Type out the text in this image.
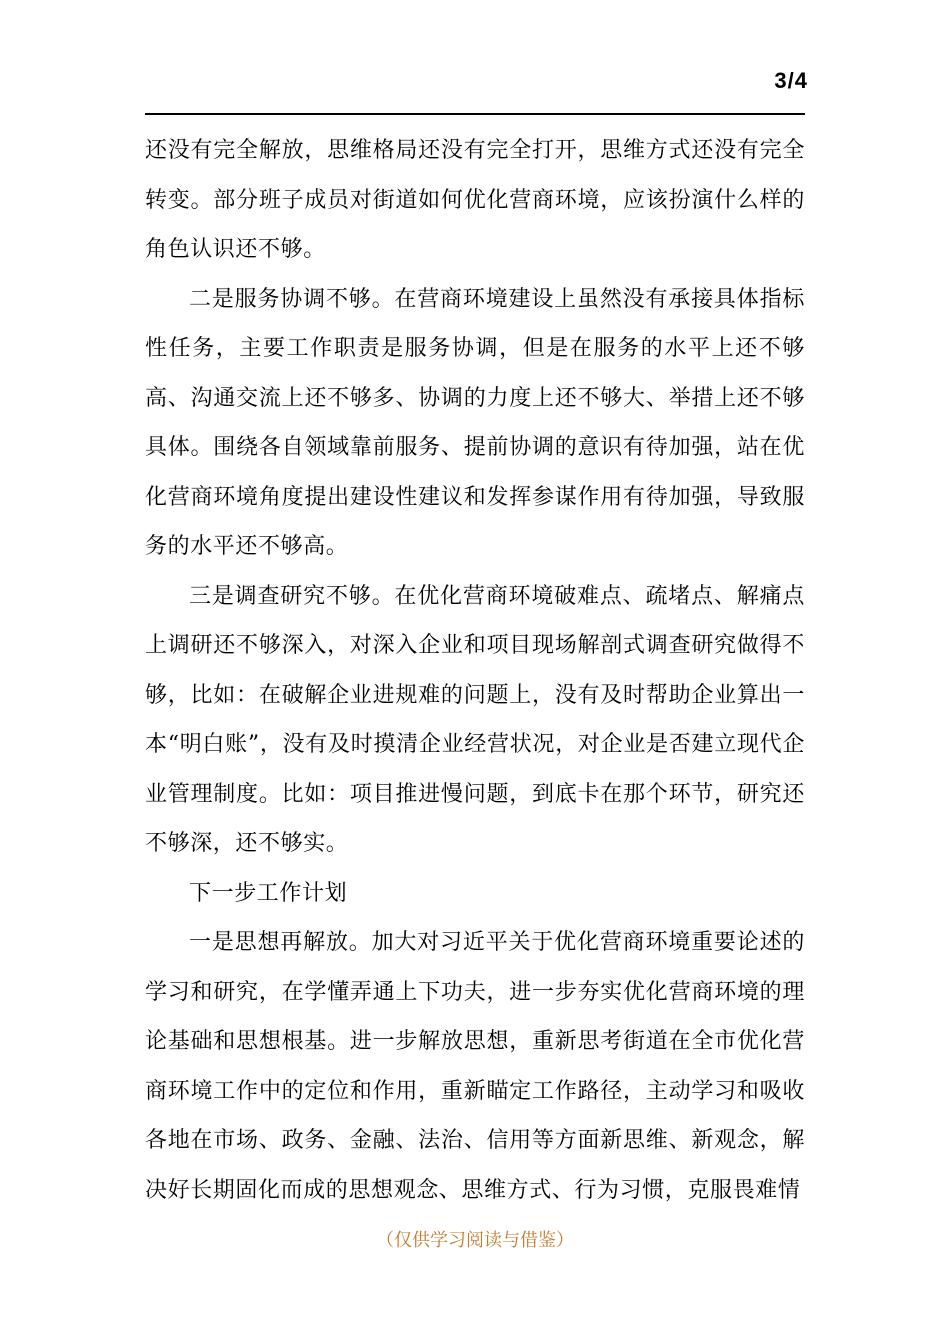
3/4

还没有完全解放，思维格局还没有完全打开，思维方式还没有完全转变。部分班子成员对街道如何优化营商环境，应该扮演什么样的角色认识还不够。

二是服务协调不够。在营商环境建设上虽然没有承接具体指标性任务，主要工作职责是服务协调，但是在服务的水平上还不够高、沟通交流上还不够多、协调的力度上还不够大、举措上还不够具体。围绕各自领域靠前服务、提前协调的意识有待加强，站在优化营商环境角度提出建设性建议和发挥参谋作用有待加强，导致服务的水平还不够高。

三是调查研究不够。在优化营商环境破难点、疏堵点、解痛点上调研还不够深入，对深入企业和项目现场解剖式调查研究做得不够，比如：在破解企业进规难的问题上，没有及时帮助企业算出一本“明白账”，没有及时摸清企业经营状况，对企业是否建立现代企业管理制度。比如：项目推进慢问题，到底卡在那个环节，研究还不够深，还不够实。

下一步工作计划

一是思想再解放。加大对习近平关于优化营商环境重要论述的学习和研究，在学懂弄通上下功夫，进一步夯实优化营商环境的理论基础和思想根基。进一步解放思想，重新思考街道在全市优化营商环境工作中的定位和作用，重新瞄定工作路径，主动学习和吸收各地在市场、政务、金融、法治、信用等方面新思维、新观念，解决好长期固化而成的思想观念、思维方式、行为习惯，克服畏难情

（仅供学习阅读与借鉴）
